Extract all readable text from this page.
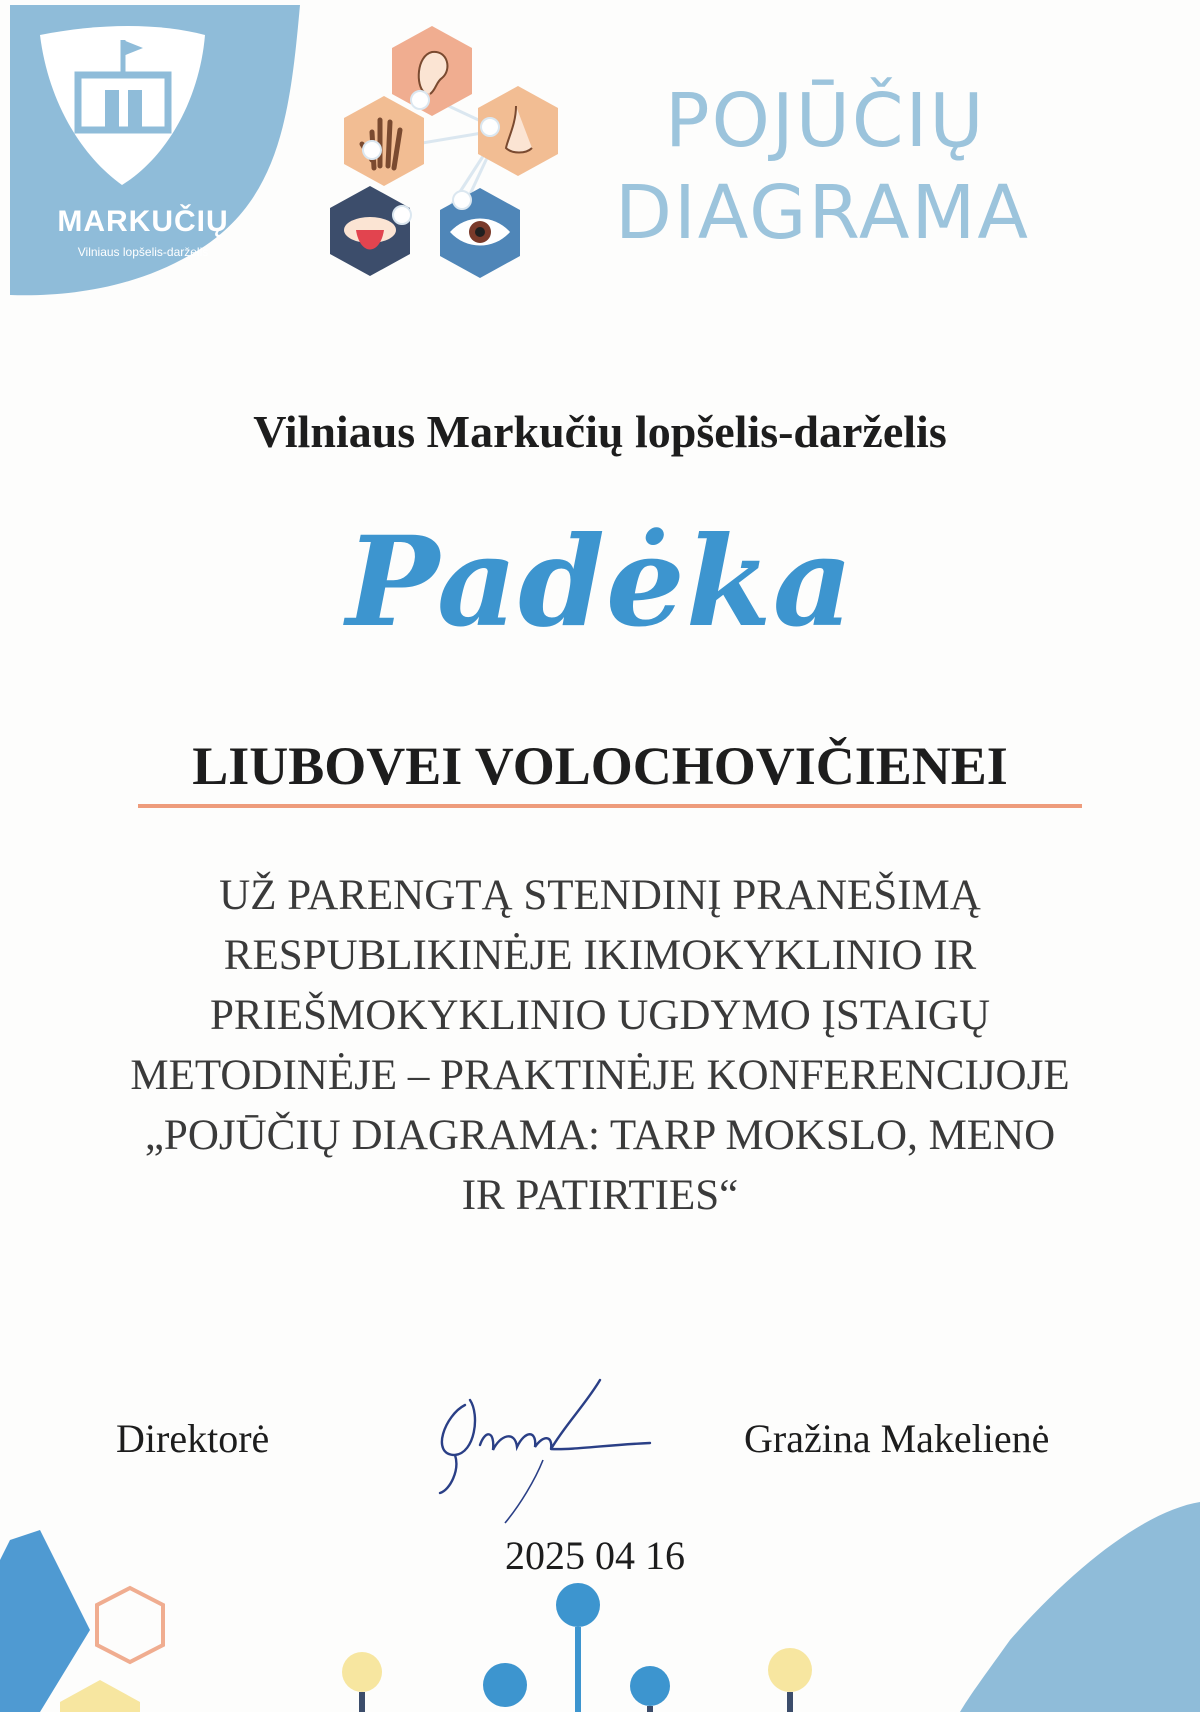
MARKUČIŲ
Vilniaus lopšelis-darželis
POJŪČIŲ
DIAGRAMA
Vilniaus Markučių lopšelis-darželis
Padėka
LIUBOVEI VOLOCHOVIČIENEI
UŽ PARENGTĄ STENDINĮ PRANEŠIMĄ
RESPUBLIKINĖJE IKIMOKYKLINIO IR
PRIEŠMOKYKLINIO UGDYMO ĮSTAIGŲ
METODINĖJE – PRAKTINĖJE KONFERENCIJOJE
„POJŪČIŲ DIAGRAMA: TARP MOKSLO, MENO
IR PATIRTIES“
Direktorė	Gražina Makelienė
2025 04 16
